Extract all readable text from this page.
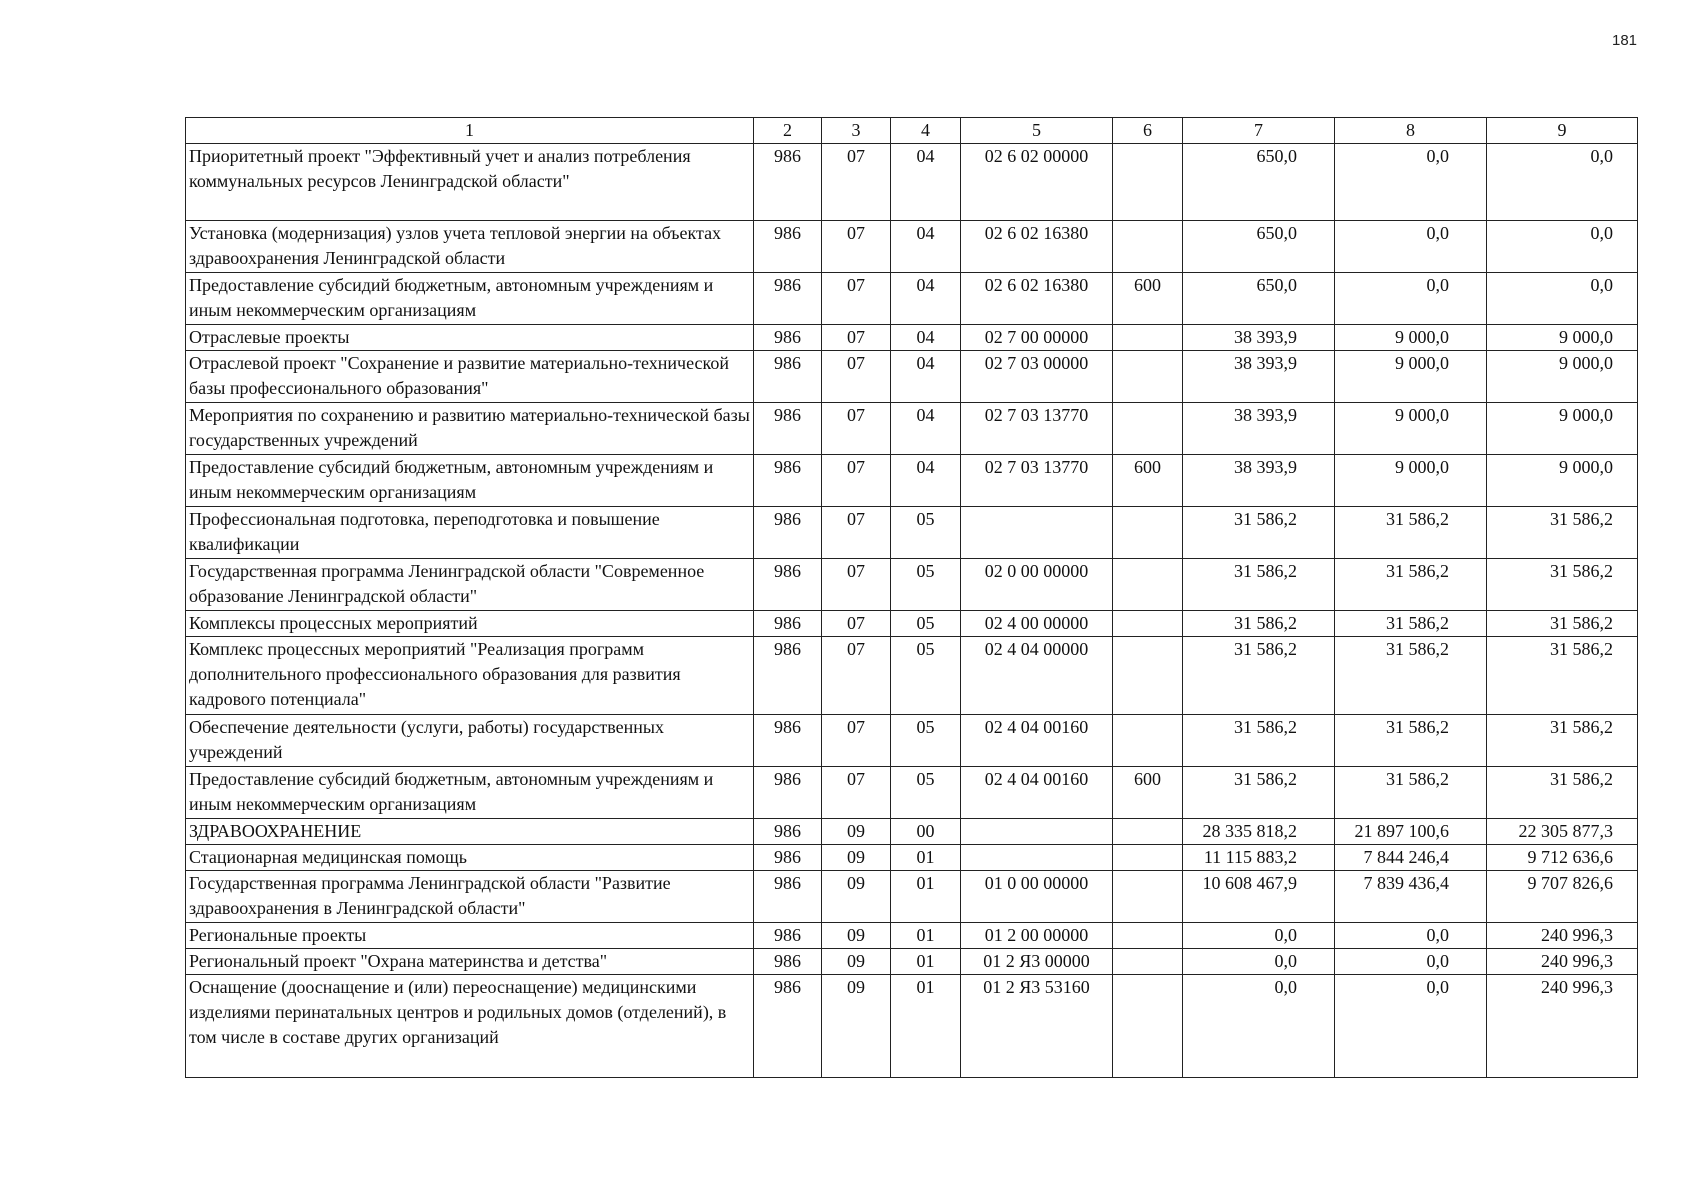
181
1	2	3	4	5	6	7	8	9
Приоритетный проект "Эффективный учет и анализ потребления коммунальных ресурсов Ленинградской области"	986	07	04	02 6 02 00000		650,0	0,0	0,0
Установка (модернизация) узлов учета тепловой энергии на объектах здравоохранения Ленинградской области	986	07	04	02 6 02 16380		650,0	0,0	0,0
Предоставление субсидий бюджетным, автономным учреждениям и иным некоммерческим организациям	986	07	04	02 6 02 16380	600	650,0	0,0	0,0
Отраслевые проекты	986	07	04	02 7 00 00000		38 393,9	9 000,0	9 000,0
Отраслевой проект "Сохранение и развитие материально-технической базы профессионального образования"	986	07	04	02 7 03 00000		38 393,9	9 000,0	9 000,0
Мероприятия по сохранению и развитию материально-технической базы государственных учреждений	986	07	04	02 7 03 13770		38 393,9	9 000,0	9 000,0
Предоставление субсидий бюджетным, автономным учреждениям и иным некоммерческим организациям	986	07	04	02 7 03 13770	600	38 393,9	9 000,0	9 000,0
Профессиональная подготовка, переподготовка и повышение квалификации	986	07	05			31 586,2	31 586,2	31 586,2
Государственная программа Ленинградской области "Современное образование Ленинградской области"	986	07	05	02 0 00 00000		31 586,2	31 586,2	31 586,2
Комплексы процессных мероприятий	986	07	05	02 4 00 00000		31 586,2	31 586,2	31 586,2
Комплекс процессных мероприятий "Реализация программ дополнительного профессионального образования для развития кадрового потенциала"	986	07	05	02 4 04 00000		31 586,2	31 586,2	31 586,2
Обеспечение деятельности (услуги, работы) государственных учреждений	986	07	05	02 4 04 00160		31 586,2	31 586,2	31 586,2
Предоставление субсидий бюджетным, автономным учреждениям и иным некоммерческим организациям	986	07	05	02 4 04 00160	600	31 586,2	31 586,2	31 586,2
ЗДРАВООХРАНЕНИЕ	986	09	00			28 335 818,2	21 897 100,6	22 305 877,3
Стационарная медицинская помощь	986	09	01			11 115 883,2	7 844 246,4	9 712 636,6
Государственная программа Ленинградской области "Развитие здравоохранения в Ленинградской области"	986	09	01	01 0 00 00000		10 608 467,9	7 839 436,4	9 707 826,6
Региональные проекты	986	09	01	01 2 00 00000		0,0	0,0	240 996,3
Региональный проект "Охрана материнства и детства"	986	09	01	01 2 Я3 00000		0,0	0,0	240 996,3
Оснащение (дооснащение и (или) переоснащение) медицинскими изделиями перинатальных центров и родильных домов (отделений), в том числе в составе других организаций	986	09	01	01 2 Я3 53160		0,0	0,0	240 996,3
